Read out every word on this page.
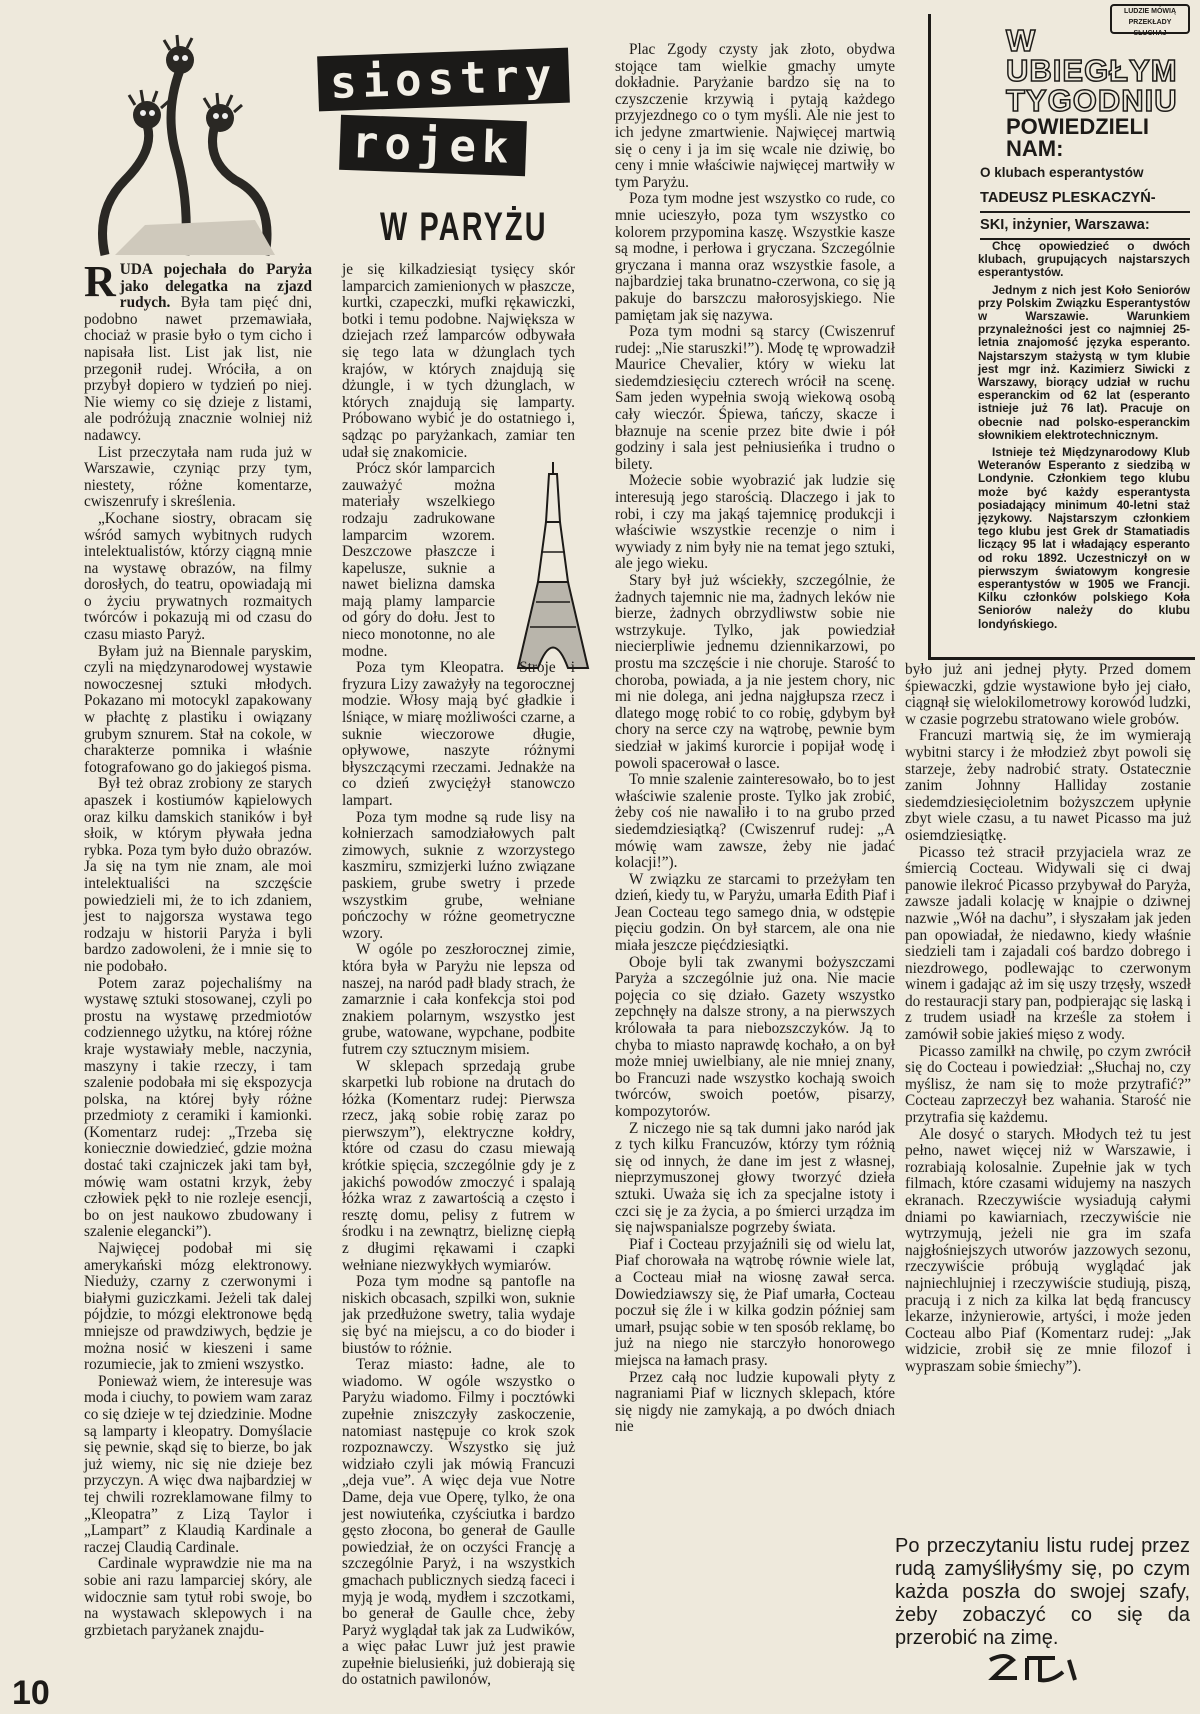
siostry
rojek
W PARYŻU
LUDZIE MÓWIĄ PRZEKŁADY SŁUCHAJ
W UBIEGŁYM
TYGODNIU
POWIEDZIELI
NAM:
O klubach esperantystów
TADEUSZ PLESKACZYŃ-
SKI, inżynier, Warszawa:

Chcę opowiedzieć o dwóch klubach, grupujących najstarszych esperantystów.

Jednym z nich jest Koło Seniorów przy Polskim Związku Esperantystów w Warszawie. Warunkiem przynależności jest co najmniej 25-letnia znajomość języka esperanto. Najstarszym stażystą w tym klubie jest mgr inż. Kazimierz Siwicki z Warszawy, biorący udział w ruchu esperanckim od 62 lat (esperanto istnieje już 76 lat). Pracuje on obecnie nad polsko-esperanckim słownikiem elektrotechnicznym.

Istnieje też Międzynarodowy Klub Weteranów Esperanto z siedzibą w Londynie. Członkiem tego klubu może być każdy esperantysta posiadający minimum 40-letni staż językowy. Najstarszym członkiem tego klubu jest Grek dr Stamatiadis liczący 95 lat i władający esperanto od roku 1892. Uczestniczył on w pierwszym światowym kongresie esperantystów w 1905 we Francji. Kilku członków polskiego Koła Seniorów należy do klubu londyńskiego.

RUDA pojechała do Paryża jako delegatka na zjazd rudych. Była tam pięć dni, podobno nawet przemawiała, chociaż w prasie było o tym cicho i napisała list. List jak list, nie przegonił rudej. Wróciła, a on przybył dopiero w tydzień po niej. Nie wiemy co się dzieje z listami, ale podróżują znacznie wolniej niż nadawcy.

List przeczytała nam ruda już w Warszawie, czyniąc przy tym, niestety, różne komentarze, cwiszenrufy i skreślenia.

„Kochane siostry, obracam się wśród samych wybitnych rudych intelektualistów, którzy ciągną mnie na wystawę obrazów, na filmy dorosłych, do teatru, opowiadają mi o życiu prywatnych rozmaitych twórców i pokazują mi od czasu do czasu miasto Paryż.

Byłam już na Biennale paryskim, czyli na międzynarodowej wystawie nowoczesnej sztuki młodych. Pokazano mi motocykl zapakowany w płachtę z plastiku i owiązany grubym sznurem. Stał na cokole, w charakterze pomnika i właśnie fotografowano go do jakiegoś pisma.

Był też obraz zrobiony ze starych apaszek i kostiumów kąpielowych oraz kilku damskich staników i był słoik, w którym pływała jedna rybka. Poza tym było dużo obrazów. Ja się na tym nie znam, ale moi intelektualiści na szczęście powiedzieli mi, że to ich zdaniem, jest to najgorsza wystawa tego rodzaju w historii Paryża i byli bardzo zadowoleni, że i mnie się to nie podobało.

Potem zaraz pojechaliśmy na wystawę sztuki stosowanej, czyli po prostu na wystawę przedmiotów codziennego użytku, na której różne kraje wystawiały meble, naczynia, maszyny i takie rzeczy, i tam szalenie podobała mi się ekspozycja polska, na której były różne przedmioty z ceramiki i kamionki. (Komentarz rudej: „Trzeba się koniecznie dowiedzieć, gdzie można dostać taki czajniczek jaki tam był, mówię wam ostatni krzyk, żeby człowiek pękł to nie rozleje esencji, bo on jest naukowo zbudowany i szalenie elegancki”).

Najwięcej podobał mi się amerykański mózg elektronowy. Nieduży, czarny z czerwonymi i białymi guziczkami. Jeżeli tak dalej pójdzie, to mózgi elektronowe będą mniejsze od prawdziwych, będzie je można nosić w kieszeni i same rozumiecie, jak to zmieni wszystko.

Ponieważ wiem, że interesuje was moda i ciuchy, to powiem wam zaraz co się dzieje w tej dziedzinie. Modne są lamparty i kleopatry. Domyślacie się pewnie, skąd się to bierze, bo jak już wiemy, nic się nie dzieje bez przyczyn. A więc dwa najbardziej w tej chwili rozreklamowane filmy to „Kleopatra” z Lizą Taylor i „Lampart” z Klaudią Kardinale a raczej Claudią Cardinale.

Cardinale wyprawdzie nie ma na sobie ani razu lamparciej skóry, ale widocznie sam tytuł robi swoje, bo na wystawach sklepowych i na grzbietach paryżanek znajdu-

je się kilkadziesiąt tysięcy skór lamparcich zamienionych w płaszcze, kurtki, czapeczki, mufki rękawiczki, botki i temu podobne. Największa w dziejach rzeź lamparców odbywała się tego lata w dżunglach tych krajów, w których znajdują się dżungle, i w tych dżunglach, w których znajdują się lamparty. Próbowano wybić je do ostatniego i, sądząc po paryżankach, zamiar ten udał się znakomicie.

Prócz skór lamparcich zauważyć można materiały wszelkiego rodzaju zadrukowane lamparcim wzorem. Deszczowe płaszcze i kapelusze, suknie a nawet bielizna damska mają plamy lamparcie od góry do dołu. Jest to nieco monotonne, no ale modne.

Poza tym Kleopatra. Stroje i fryzura Lizy zaważyły na tegorocznej modzie. Włosy mają być gładkie i lśniące, w miarę możliwości czarne, a suknie wieczorowe długie, opływowe, naszyte różnymi błyszczącymi rzeczami. Jednakże na co dzień zwyciężył stanowczo lampart.

Poza tym modne są rude lisy na kołnierzach samodziałowych palt zimowych, suknie z wzorzystego kaszmiru, szmizjerki luźno związane paskiem, grube swetry i przede wszystkim grube, wełniane pończochy w różne geometryczne wzory.

W ogóle po zeszłorocznej zimie, która była w Paryżu nie lepsza od naszej, na naród padł blady strach, że zamarznie i cała konfekcja stoi pod znakiem polarnym, wszystko jest grube, watowane, wypchane, podbite futrem czy sztucznym misiem.

W sklepach sprzedają grube skarpetki lub robione na drutach do łóżka (Komentarz rudej: Pierwsza rzecz, jaką sobie robię zaraz po pierwszym”), elektryczne kołdry, które od czasu do czasu miewają krótkie spięcia, szczególnie gdy je z jakichś powodów zmoczyć i spalają łóżka wraz z zawartością a często i resztę domu, pelisy z futrem w środku i na zewnątrz, bieliznę ciepłą z długimi rękawami i czapki wełniane niezwykłych wymiarów.

Poza tym modne są pantofle na niskich obcasach, szpilki won, suknie jak przedłużone swetry, talia wydaje się być na miejscu, a co do bioder i biustów to różnie.

Teraz miasto: ładne, ale to wiadomo. W ogóle wszystko o Paryżu wiadomo. Filmy i pocztówki zupełnie zniszczyły zaskoczenie, natomiast następuje co krok szok rozpoznawczy. Wszystko się już widziało czyli jak mówią Francuzi „deja vue”. A więc deja vue Notre Dame, deja vue Operę, tylko, że ona jest nowiuteńka, czyściutka i bardzo gęsto złocona, bo generał de Gaulle powiedział, że on oczyści Francję a szczególnie Paryż, i na wszystkich gmachach publicznych siedzą faceci i myją je wodą, mydłem i szczotkami, bo generał de Gaulle chce, żeby Paryż wyglądał tak jak za Ludwików, a więc pałac Luwr już jest prawie zupełnie bielusieńki, już dobierają się do ostatnich pawilonów,

Plac Zgody czysty jak złoto, obydwa stojące tam wielkie gmachy umyte dokładnie. Paryżanie bardzo się na to czyszczenie krzywią i pytają każdego przyjezdnego co o tym myśli. Ale nie jest to ich jedyne zmartwienie. Najwięcej martwią się o ceny i ja im się wcale nie dziwię, bo ceny i mnie właściwie najwięcej martwiły w tym Paryżu.

Poza tym modne jest wszystko co rude, co mnie ucieszyło, poza tym wszystko co kolorem przypomina kaszę. Wszystkie kasze są modne, i perłowa i gryczana. Szczególnie gryczana i manna oraz wszystkie fasole, a najbardziej taka brunatno-czerwona, co się ją pakuje do barszczu małorosyjskiego. Nie pamiętam jak się nazywa.

Poza tym modni są starcy (Cwiszenruf rudej: „Nie staruszki!”). Modę tę wprowadził Maurice Chevalier, który w wieku lat siedemdziesięciu czterech wrócił na scenę. Sam jeden wypełnia swoją wiekową osobą cały wieczór. Śpiewa, tańczy, skacze i błaznuje na scenie przez bite dwie i pół godziny i sala jest pełniusieńka i trudno o bilety.

Możecie sobie wyobrazić jak ludzie się interesują jego starością. Dlaczego i jak to robi, i czy ma jakąś tajemnicę produkcji i właściwie wszystkie recenzje o nim i wywiady z nim były nie na temat jego sztuki, ale jego wieku.

Stary był już wściekły, szczególnie, że żadnych tajemnic nie ma, żadnych leków nie bierze, żadnych obrzydliwstw sobie nie wstrzykuje. Tylko, jak powiedział niecierpliwie jednemu dziennikarzowi, po prostu ma szczęście i nie choruje. Starość to choroba, powiada, a ja nie jestem chory, nic mi nie dolega, ani jedna najgłupsza rzecz i dlatego mogę robić to co robię, gdybym był chory na serce czy na wątrobę, pewnie bym siedział w jakimś kurorcie i popijał wodę i powoli spacerował o lasce.

To mnie szalenie zainteresowało, bo to jest właściwie szalenie proste. Tylko jak zrobić, żeby coś nie nawaliło i to na grubo przed siedemdziesiątką? (Cwiszenruf rudej: „A mówię wam zawsze, żeby nie jadać kolacji!”).

W związku ze starcami to przeżyłam ten dzień, kiedy tu, w Paryżu, umarła Edith Piaf i Jean Cocteau tego samego dnia, w odstępie pięciu godzin. On był starcem, ale ona nie miała jeszcze pięćdziesiątki.

Oboje byli tak zwanymi bożyszczami Paryża a szczególnie już ona. Nie macie pojęcia co się działo. Gazety wszystko zepchnęły na dalsze strony, a na pierwszych królowała ta para niebozszczyków. Ją to chyba to miasto naprawdę kochało, a on był może mniej uwielbiany, ale nie mniej znany, bo Francuzi nade wszystko kochają swoich twórców, swoich poetów, pisarzy, kompozytorów.

Z niczego nie są tak dumni jako naród jak z tych kilku Francuzów, którzy tym różnią się od innych, że dane im jest z własnej, nieprzymuszonej głowy tworzyć dzieła sztuki. Uważa się ich za specjalne istoty i czci się je za życia, a po śmierci urządza im się najwspanialsze pogrzeby świata.

Piaf i Cocteau przyjaźnili się od wielu lat, Piaf chorowała na wątrobę równie wiele lat, a Cocteau miał na wiosnę zawał serca. Dowiedziawszy się, że Piaf umarła, Cocteau poczuł się źle i w kilka godzin później sam umarł, psując sobie w ten sposób reklamę, bo już na niego nie starczyło honorowego miejsca na łamach prasy.

Przez całą noc ludzie kupowali płyty z nagraniami Piaf w licznych sklepach, które się nigdy nie zamykają, a po dwóch dniach nie

było już ani jednej płyty. Przed domem śpiewaczki, gdzie wystawione było jej ciało, ciągnął się wielokilometrowy korowód ludzki, w czasie pogrzebu stratowano wiele grobów.

Francuzi martwią się, że im wymierają wybitni starcy i że młodzież zbyt powoli się starzeje, żeby nadrobić straty. Ostatecznie zanim Johnny Halliday zostanie siedemdziesięcioletnim bożyszczem upłynie zbyt wiele czasu, a tu nawet Picasso ma już osiemdziesiątkę.

Picasso też stracił przyjaciela wraz ze śmiercią Cocteau. Widywali się ci dwaj panowie ilekroć Picasso przybywał do Paryża, zawsze jadali kolację w knajpie o dziwnej nazwie „Wół na dachu”, i słyszałam jak jeden pan opowiadał, że niedawno, kiedy właśnie siedzieli tam i zajadali coś bardzo dobrego i niezdrowego, podlewając to czerwonym winem i gadając aż im się uszy trzęsły, wszedł do restauracji stary pan, podpierając się laską i z trudem usiadł na krześle za stołem i zamówił sobie jakieś mięso z wody.

Picasso zamilkł na chwilę, po czym zwrócił się do Cocteau i powiedział: „Słuchaj no, czy myślisz, że nam się to może przytrafić?” Cocteau zaprzeczył bez wahania. Starość nie przytrafia się każdemu.

Ale dosyć o starych. Młodych też tu jest pełno, nawet więcej niż w Warszawie, i rozrabiają kolosalnie. Zupełnie jak w tych filmach, które czasami widujemy na naszych ekranach. Rzeczywiście wysiadują całymi dniami po kawiarniach, rzeczywiście nie wytrzymują, jeżeli nie gra im szafa najgłośniejszych utworów jazzowych sezonu, rzeczywiście próbują wyglądać jak najniechlujniej i rzeczywiście studiują, piszą, pracują i z nich za kilka lat będą francuscy lekarze, inżynierowie, artyści, i może jeden Cocteau albo Piaf (Komentarz rudej: „Jak widzicie, zrobił się ze mnie filozof i wypraszam sobie śmiechy”).

Po przeczytaniu listu rudej przez rudą zamyśliłyśmy się, po czym każda poszła do swojej szafy, żeby zobaczyć co się da przerobić na zimę.
10
